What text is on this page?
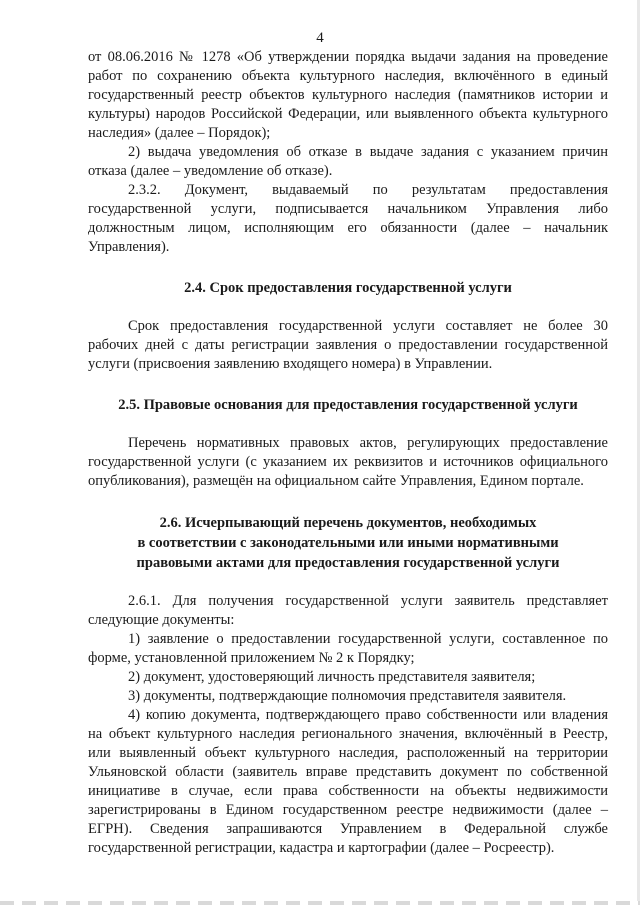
4

от 08.06.2016 № 1278 «Об утверждении порядка выдачи задания на проведение работ по сохранению объекта культурного наследия, включённого в единый государственный реестр объектов культурного наследия (памятников истории и культуры) народов Российской Федерации, или выявленного объекта культурного наследия» (далее – Порядок);

2) выдача уведомления об отказе в выдаче задания с указанием причин отказа (далее – уведомление об отказе).

2.3.2. Документ, выдаваемый по результатам предоставления государственной услуги, подписывается начальником Управления либо должностным лицом, исполняющим его обязанности (далее – начальник Управления).

2.4. Срок предоставления государственной услуги

Срок предоставления государственной услуги составляет не более 30 рабочих дней с даты регистрации заявления о предоставлении государственной услуги (присвоения заявлению входящего номера) в Управлении.

2.5. Правовые основания для предоставления государственной услуги

Перечень нормативных правовых актов, регулирующих предоставление государственной услуги (с указанием их реквизитов и источников официального опубликования), размещён на официальном сайте Управления, Едином портале.

2.6. Исчерпывающий перечень документов, необходимых

в соответствии с законодательными или иными нормативными

правовыми актами для предоставления государственной услуги

2.6.1. Для получения государственной услуги заявитель представляет следующие документы:

1) заявление о предоставлении государственной услуги, составленное по форме, установленной приложением № 2 к Порядку;

2) документ, удостоверяющий личность представителя заявителя;

3) документы, подтверждающие полномочия представителя заявителя.

4) копию документа, подтверждающего право собственности или владения на объект культурного наследия регионального значения, включённый в Реестр, или выявленный объект культурного наследия, расположенный на территории Ульяновской области (заявитель вправе представить документ по собственной инициативе в случае, если права собственности на объекты недвижимости зарегистрированы в Едином государственном реестре недвижимости (далее – ЕГРН). Сведения запрашиваются Управлением в Федеральной службе государственной регистрации, кадастра и картографии (далее – Росреестр).
